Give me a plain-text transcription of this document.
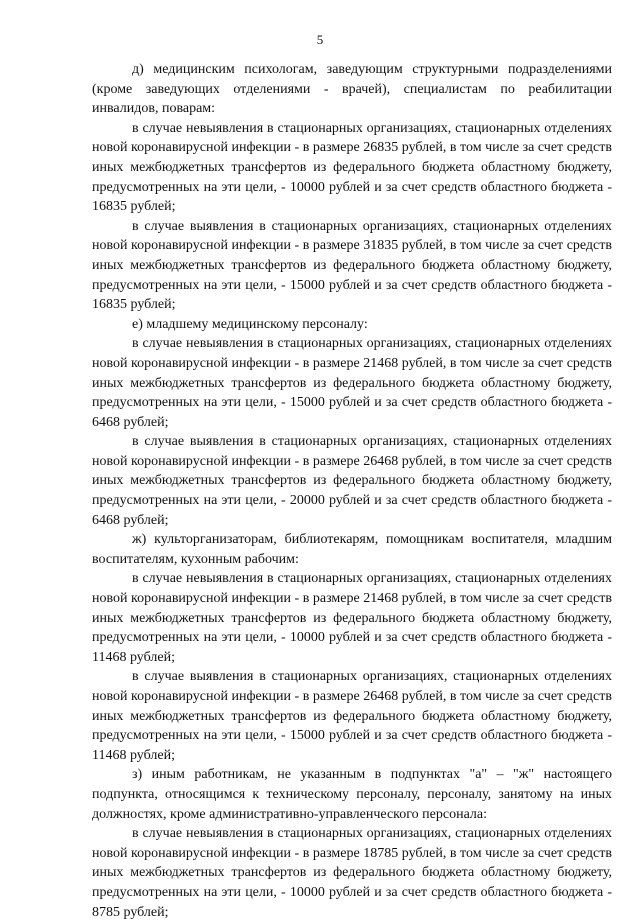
5

д) медицинским психологам, заведующим структурными подразделениями (кроме заведующих отделениями - врачей), специалистам по реабилитации инвалидов, поварам:

в случае невыявления в стационарных организациях, стационарных отделениях новой коронавирусной инфекции - в размере 26835 рублей, в том числе за счет средств иных межбюджетных трансфертов из федерального бюджета областному бюджету, предусмотренных на эти цели, - 10000 рублей и за счет средств областного бюджета - 16835 рублей;

в случае выявления в стационарных организациях, стационарных отделениях новой коронавирусной инфекции - в размере 31835 рублей, в том числе за счет средств иных межбюджетных трансфертов из федерального бюджета областному бюджету, предусмотренных на эти цели, - 15000 рублей и за счет средств областного бюджета - 16835 рублей;

е) младшему медицинскому персоналу:

в случае невыявления в стационарных организациях, стационарных отделениях новой коронавирусной инфекции - в размере 21468 рублей, в том числе за счет средств иных межбюджетных трансфертов из федерального бюджета областному бюджету, предусмотренных на эти цели, - 15000 рублей и за счет средств областного бюджета - 6468 рублей;

в случае выявления в стационарных организациях, стационарных отделениях новой коронавирусной инфекции - в размере 26468 рублей, в том числе за счет средств иных межбюджетных трансфертов из федерального бюджета областному бюджету, предусмотренных на эти цели, - 20000 рублей и за счет средств областного бюджета - 6468 рублей;

ж) культорганизаторам, библиотекарям, помощникам воспитателя, младшим воспитателям, кухонным рабочим:

в случае невыявления в стационарных организациях, стационарных отделениях новой коронавирусной инфекции - в размере 21468 рублей, в том числе за счет средств иных межбюджетных трансфертов из федерального бюджета областному бюджету, предусмотренных на эти цели, - 10000 рублей и за счет средств областного бюджета - 11468 рублей;

в случае выявления в стационарных организациях, стационарных отделениях новой коронавирусной инфекции - в размере 26468 рублей, в том числе за счет средств иных межбюджетных трансфертов из федерального бюджета областному бюджету, предусмотренных на эти цели, - 15000 рублей и за счет средств областного бюджета - 11468 рублей;

з) иным работникам, не указанным в подпунктах "а" – "ж" настоящего подпункта, относящимся к техническому персоналу, персоналу, занятому на иных должностях, кроме административно-управленческого персонала:

в случае невыявления в стационарных организациях, стационарных отделениях новой коронавирусной инфекции - в размере 18785 рублей, в том числе за счет средств иных межбюджетных трансфертов из федерального бюджета областному бюджету, предусмотренных на эти цели, - 10000 рублей и за счет средств областного бюджета - 8785 рублей;
